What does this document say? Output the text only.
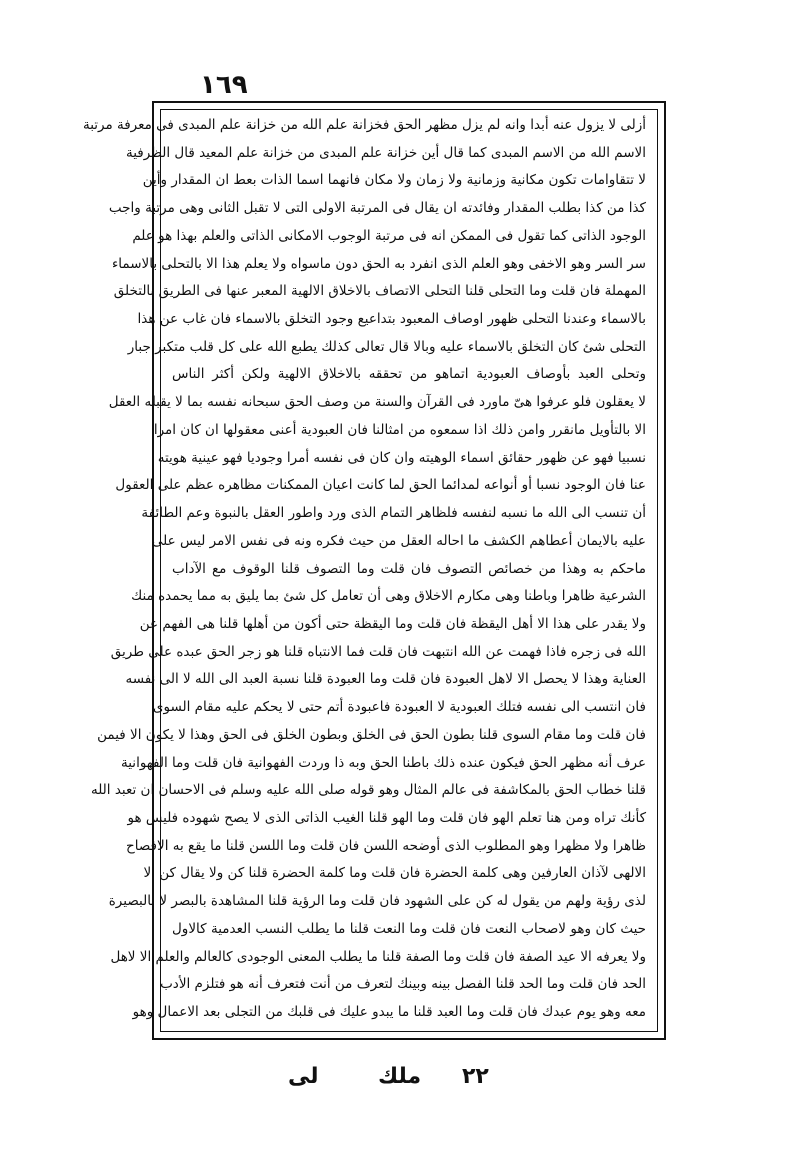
١٦٩
أزلى لا يزول عنه أبدا وانه لم يزل مظهر الحق فخزانة علم الله من خزانة علم المبدى فى معرفة مرتبة
الاسم الله من الاسم المبدى كما قال أين خزانة علم المبدى من خزانة علم المعيد قال الظرفية
لا تتقاوامات تكون مكانية وزمانية ولا زمان ولا مكان فانهما اسما الذات بعط ان المقدار وأين
كذا من كذا بطلب المقدار وفائدته ان يقال فى المرتبة الاولى التى لا تقبل الثانى وهى مرتبة واجب
الوجود الذاتى كما تقول فى الممكن انه فى مرتبة الوجوب الامكانى الذاتى والعلم بهذا هو علم
سر السر وهو الاخفى وهو العلم الذى انفرد به الحق دون ماسواه ولا يعلم هذا الا بالتحلى بالاسماء
المهملة فان قلت وما التحلى قلنا التحلى الاتصاف بالاخلاق الالهية المعبر عنها فى الطريق بالتخلق
بالاسماء وعندنا التحلى ظهور اوصاف المعبود بتداعيع وجود التخلق بالاسماء فان غاب عن هذا
التحلى شئ كان التخلق بالاسماء عليه وبالا قال تعالى كذلك يطبع الله على كل قلب متكبر جبار
وتحلى العبد بأوصاف العبودية اتماهو من تحققه بالاخلاق الالهية ولكن أكثر الناس
لا يعقلون فلو عرفوا هىّ ماورد فى القرآن والسنة من وصف الحق سبحانه نفسه بما لا يقبله العقل
الا بالتأويل مانقرر وامن ذلك اذا سمعوه من امثالنا فان العبودية أعنى معقولها ان كان امرا
نسبيا فهو عن ظهور حقائق اسماء الوهيته وان كان فى نفسه أمرا وجوديا فهو عينية هويته
عنا فان الوجود نسبا أو أنواعه لمدائما الحق لما كانت اعيان الممكنات مظاهره عظم على العقول
أن تنسب الى الله ما نسبه لنفسه فلظاهر التمام الذى ورد واطور العقل بالنبوة وعم الطائفة
عليه بالايمان أعطاهم الكشف ما احاله العقل من حيث فكره ونه فى نفس الامر ليس على
ماحكم به وهذا من خصائص التصوف فان قلت وما التصوف قلنا الوقوف مع الآداب
الشرعية ظاهرا وباطنا وهى مكارم الاخلاق وهى أن تعامل كل شئ بما يليق به مما يحمده منك
ولا يقدر على هذا الا أهل اليقظة فان قلت وما اليقظة حتى أكون من أهلها قلنا هى الفهم عن
الله فى زجره فاذا فهمت عن الله انتبهت فان قلت فما الانتباه قلنا هو زجر الحق عبده على طريق
العناية وهذا لا يحصل الا لاهل العبودة فان قلت وما العبودة قلنا نسبة العبد الى الله لا الى نفسه
فان انتسب الى نفسه فتلك العبودية لا العبودة فاعبودة أتم حتى لا يحكم عليه مقام السوى
فان قلت وما مقام السوى قلنا بطون الحق فى الخلق وبطون الخلق فى الحق وهذا لا يكون الا فيمن
عرف أنه مظهر الحق فيكون عنده ذلك باطنا الحق وبه ذا وردت الفهوانية فان قلت وما الفهوانية
قلنا خطاب الحق بالمكاشفة فى عالم المثال وهو قوله صلى الله عليه وسلم فى الاحسان ان تعبد الله
كأنك تراه ومن هنا تعلم الهو فان قلت وما الهو قلنا الغيب الذاتى الذى لا يصح شهوده فليس هو
ظاهرا ولا مظهرا وهو المطلوب الذى أوضحه اللسن فان قلت وما اللسن قلنا ما يقع به الافصاح
الالهى لآذان العارفين وهى كلمة الحضرة فان قلت وما كلمة الحضرة قلنا كن ولا يقال كن الا
لذى رؤية ولهم من يقول له كن على الشهود فان قلت وما الرؤية قلنا المشاهدة بالبصر لا بالبصيرة
حيث كان وهو لاصحاب النعت فان قلت وما النعت قلنا ما يطلب النسب العدمية كالاول
ولا يعرفه الا عيد الصفة فان قلت وما الصفة قلنا ما يطلب المعنى الوجودى كالعالم والعلم الا لاهل
الحد فان قلت وما الحد قلنا الفصل بينه وبينك لتعرف من أنت فتعرف أنه هو فتلزم الأدب
معه وهو يوم عبدك فان قلت وما العبد قلنا ما يبدو عليك فى قلبك من التجلى بعد الاعمال وهو
٢٢
ملك
لى
